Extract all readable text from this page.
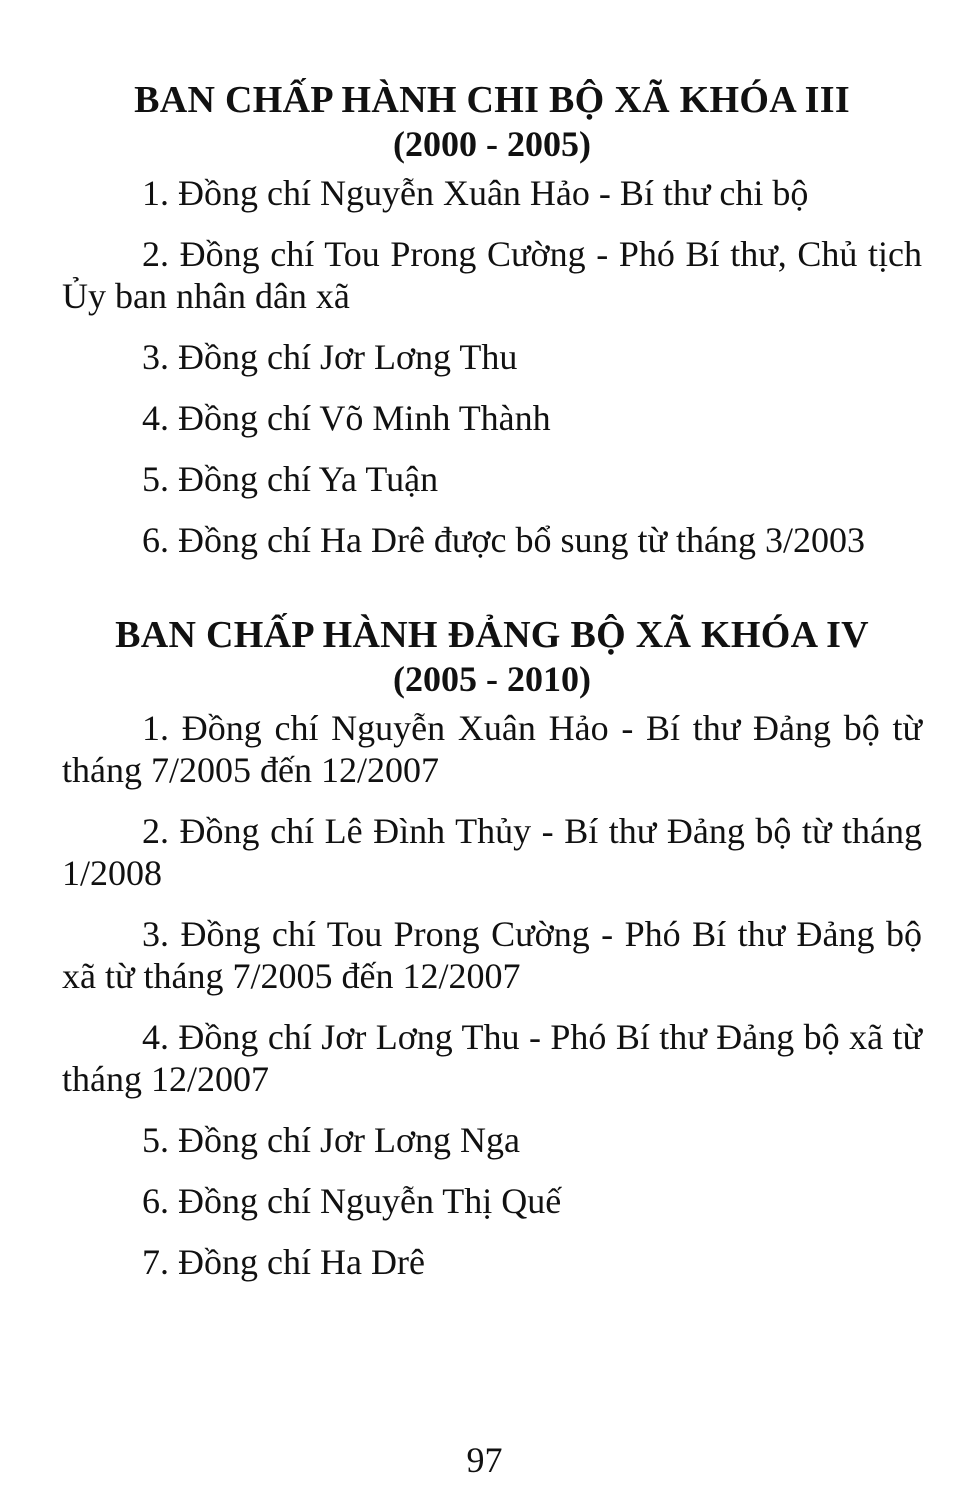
BAN CHẤP HÀNH CHI BỘ XÃ KHÓA III

(2000 - 2005)

1. Đồng chí Nguyễn Xuân Hảo - Bí thư chi bộ

2. Đồng chí Tou Prong Cường - Phó Bí thư, Chủ tịch Ủy ban nhân dân xã

3. Đồng chí Jơr Lơng Thu

4. Đồng chí Võ Minh Thành

5. Đồng chí Ya Tuận

6. Đồng chí Ha Drê được bổ sung từ tháng 3/2003

BAN CHẤP HÀNH ĐẢNG BỘ XÃ KHÓA IV

(2005 - 2010)

1. Đồng chí Nguyễn Xuân Hảo - Bí thư Đảng bộ từ tháng 7/2005 đến 12/2007

2. Đồng chí Lê Đình Thủy - Bí thư Đảng bộ từ tháng 1/2008

3. Đồng chí Tou Prong Cường - Phó Bí thư Đảng bộ xã từ tháng 7/2005 đến 12/2007

4. Đồng chí Jơr Lơng Thu - Phó Bí thư Đảng bộ xã từ tháng 12/2007

5. Đồng chí Jơr Lơng Nga

6. Đồng chí Nguyễn Thị Quế

7. Đồng chí Ha Drê

97
